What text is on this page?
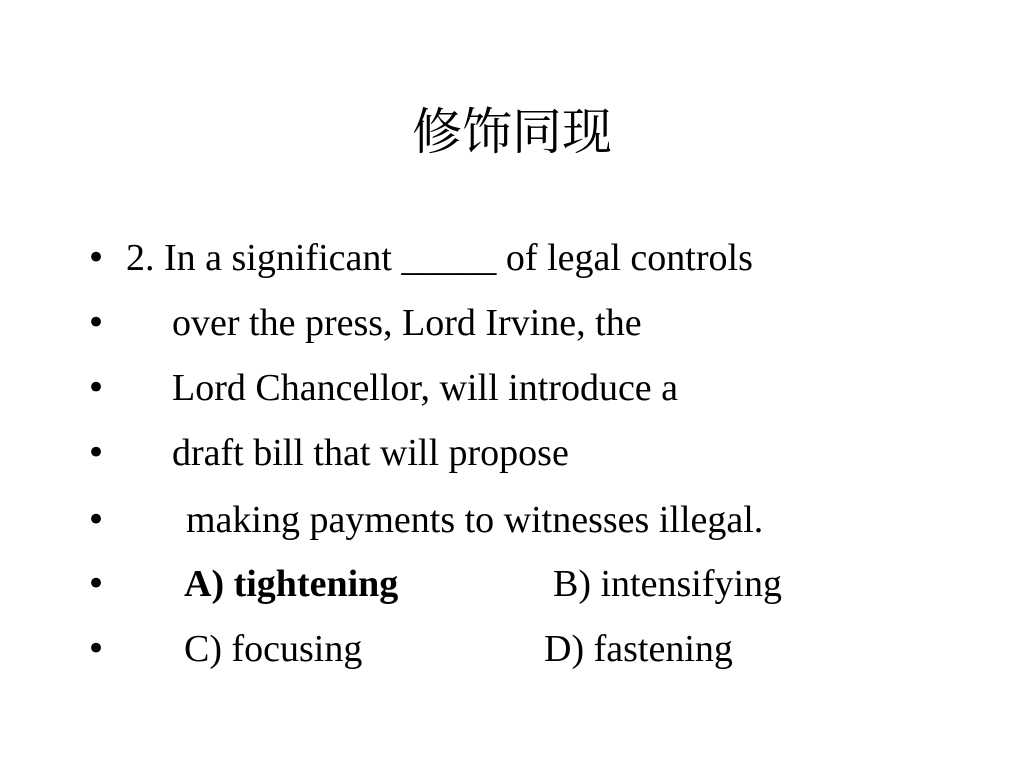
修饰同现
• 2. In a significant _____ of legal controls
• over the press, Lord Irvine, the
• Lord Chancellor, will introduce a
• draft bill that will propose
• making payments to witnesses illegal.
• A) tightening	B) intensifying
• C) focusing	D) fastening
